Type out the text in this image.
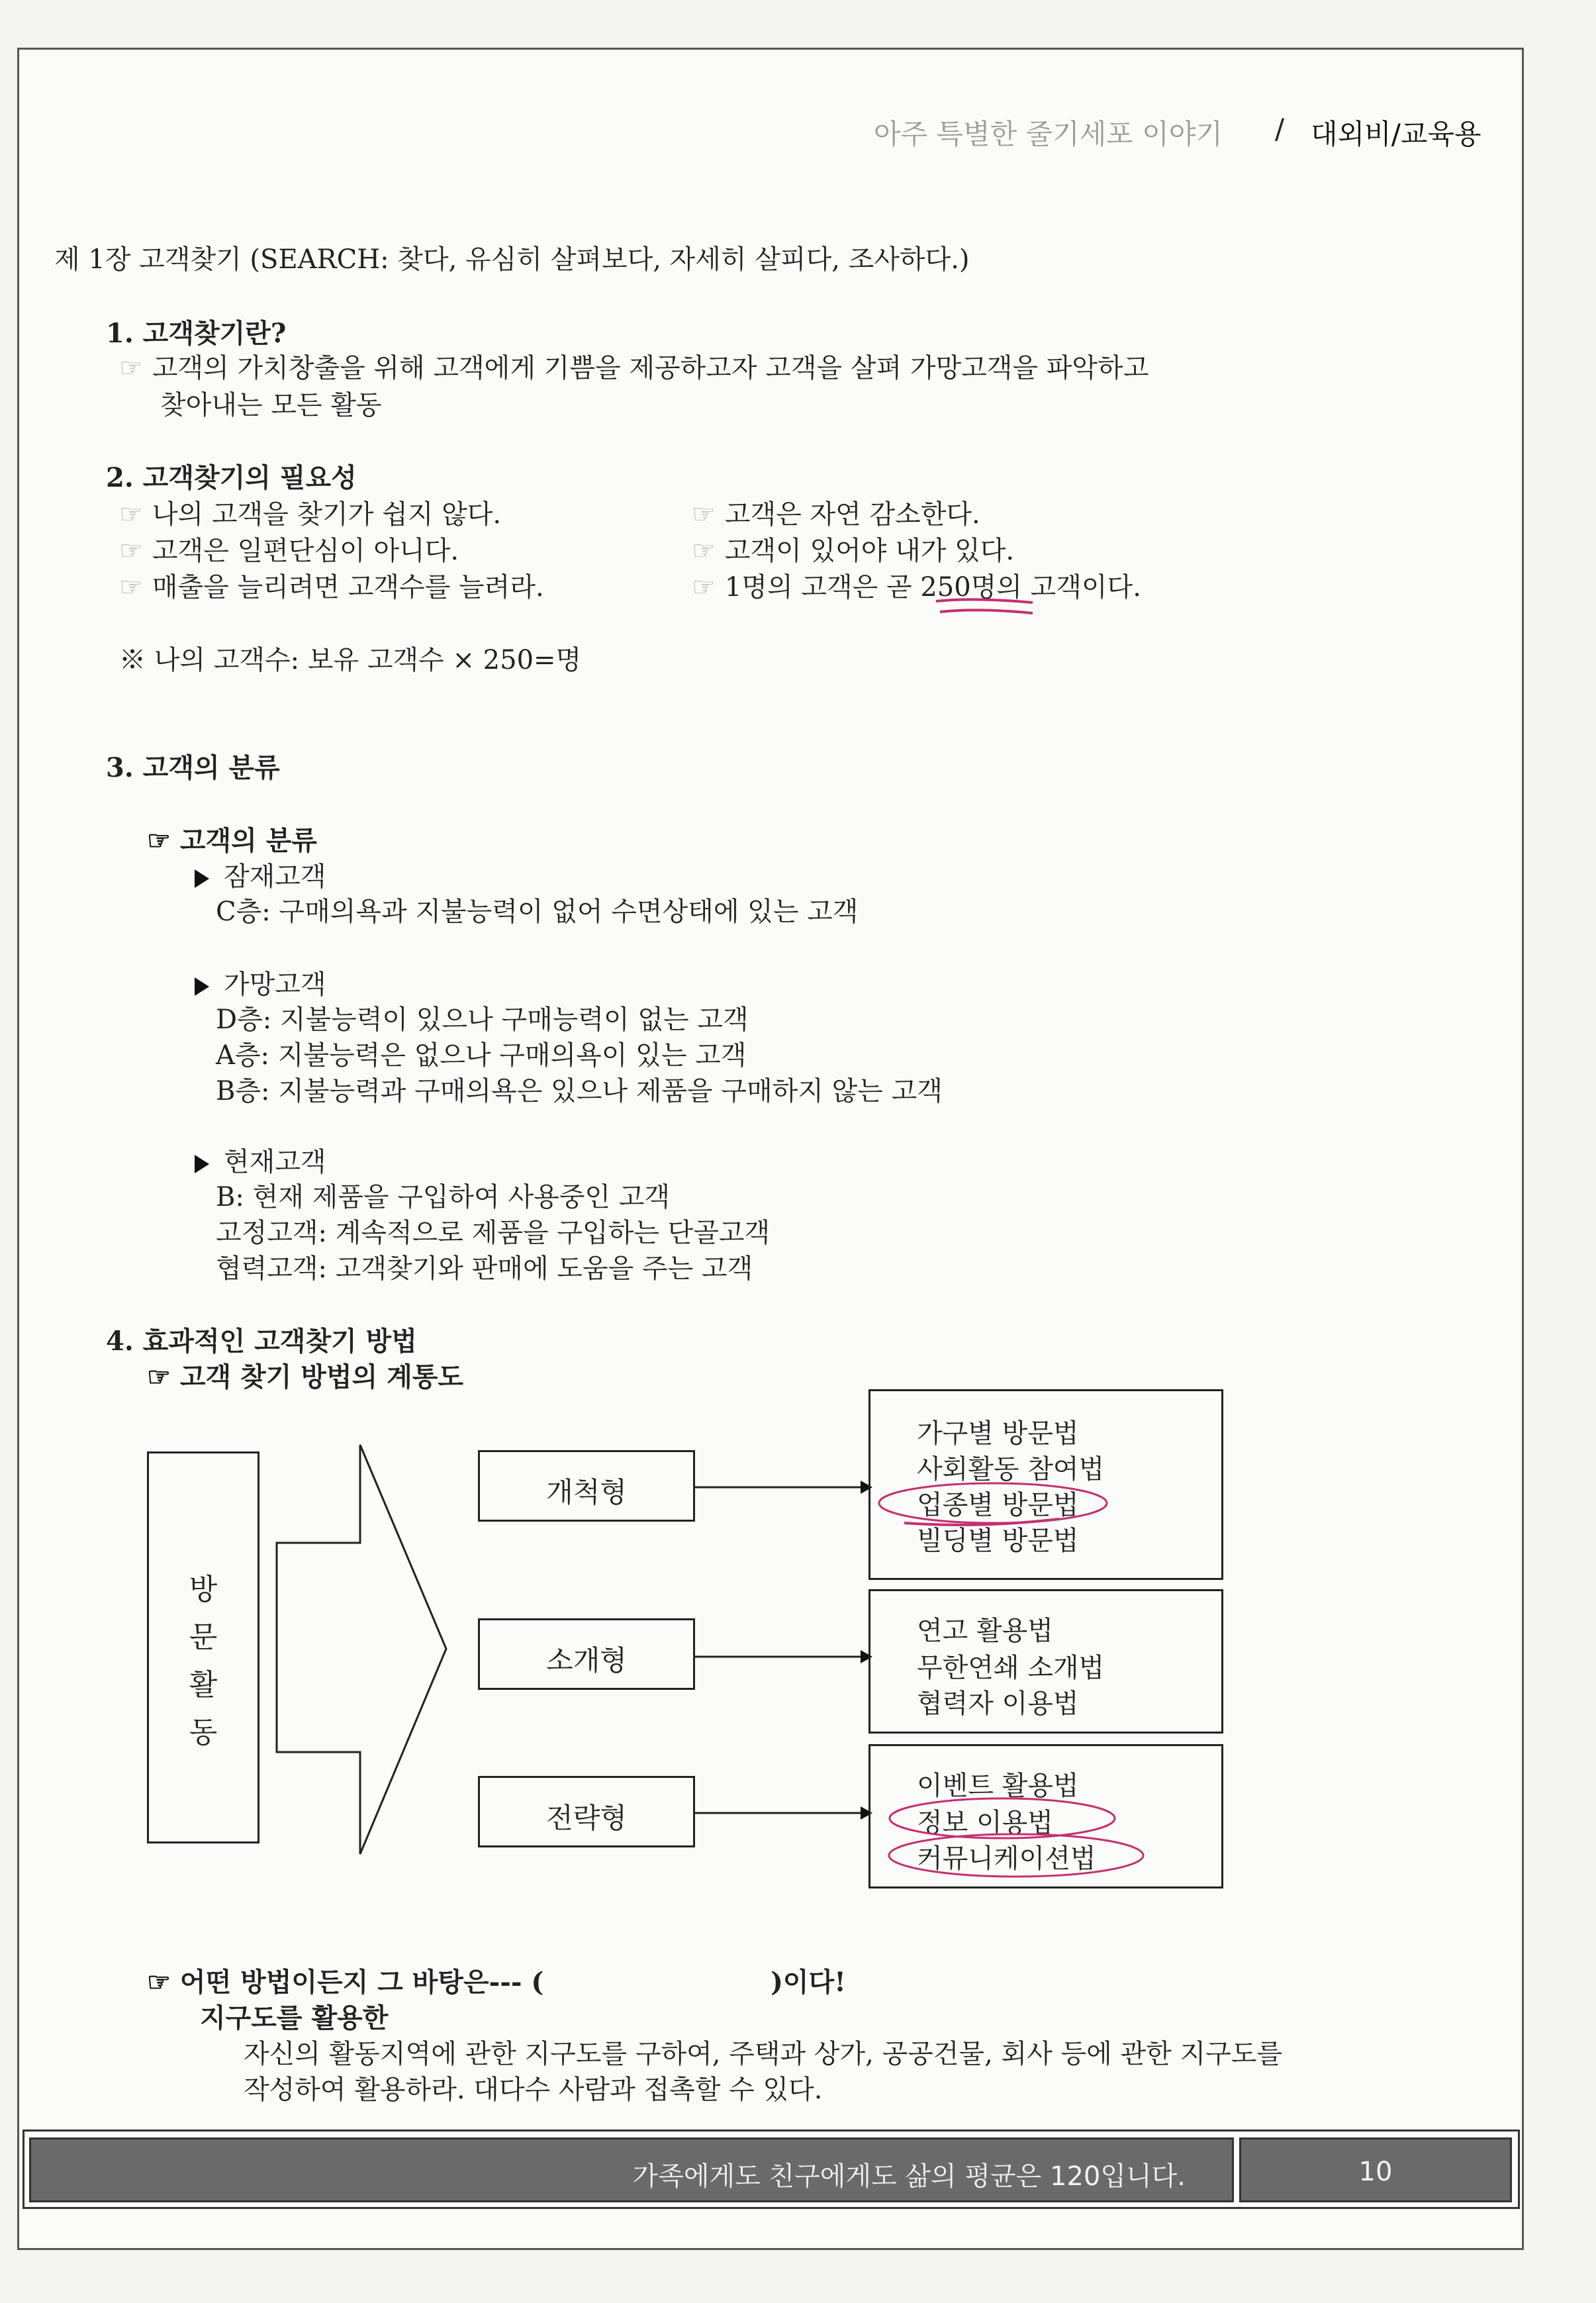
아주 특별한 줄기세포 이야기 / 대외비/교육용
제 1장 고객찾기 (SEARCH: 찾다, 유심히 살펴보다, 자세히 살피다, 조사하다.)
1. 고객찾기란?
☞ 고객의 가치창출을 위해 고객에게 기쁨을 제공하고자 고객을 살펴 가망고객을 파악하고
찾아내는 모든 활동
2. 고객찾기의 필요성
☞ 나의 고객을 찾기가 쉽지 않다.
☞ 고객은 일편단심이 아니다.
☞ 매출을 늘리려면 고객수를 늘려라.
☞ 고객은 자연 감소한다.
☞ 고객이 있어야 내가 있다.
☞ 1명의 고객은 곧 250명의 고객이다.
※ 나의 고객수: 보유 고객수 × 250=명
3. 고객의 분류
☞ 고객의 분류
잠재고객
C층: 구매의욕과 지불능력이 없어 수면상태에 있는 고객
가망고객
D층: 지불능력이 있으나 구매능력이 없는 고객
A층: 지불능력은 없으나 구매의욕이 있는 고객
B층: 지불능력과 구매의욕은 있으나 제품을 구매하지 않는 고객
현재고객
B: 현재 제품을 구입하여 사용중인 고객
고정고객: 계속적으로 제품을 구입하는 단골고객
협력고객: 고객찾기와 판매에 도움을 주는 고객
4. 효과적인 고객찾기 방법
☞ 고객 찾기 방법의 계통도
방
문
활
동
개척형
소개형
전략형
가구별 방문법
사회활동 참여법
업종별 방문법
빌딩별 방문법
연고 활용법
무한연쇄 소개법
협력자 이용법
이벤트 활용법
정보 이용법
커뮤니케이션법
☞ 어떤 방법이든지 그 바탕은--- (	)이다!
지구도를 활용한
자신의 활동지역에 관한 지구도를 구하여, 주택과 상가, 공공건물, 회사 등에 관한 지구도를
작성하여 활용하라. 대다수 사람과 접촉할 수 있다.
가족에게도 친구에게도 삶의 평균은 120입니다.	10
